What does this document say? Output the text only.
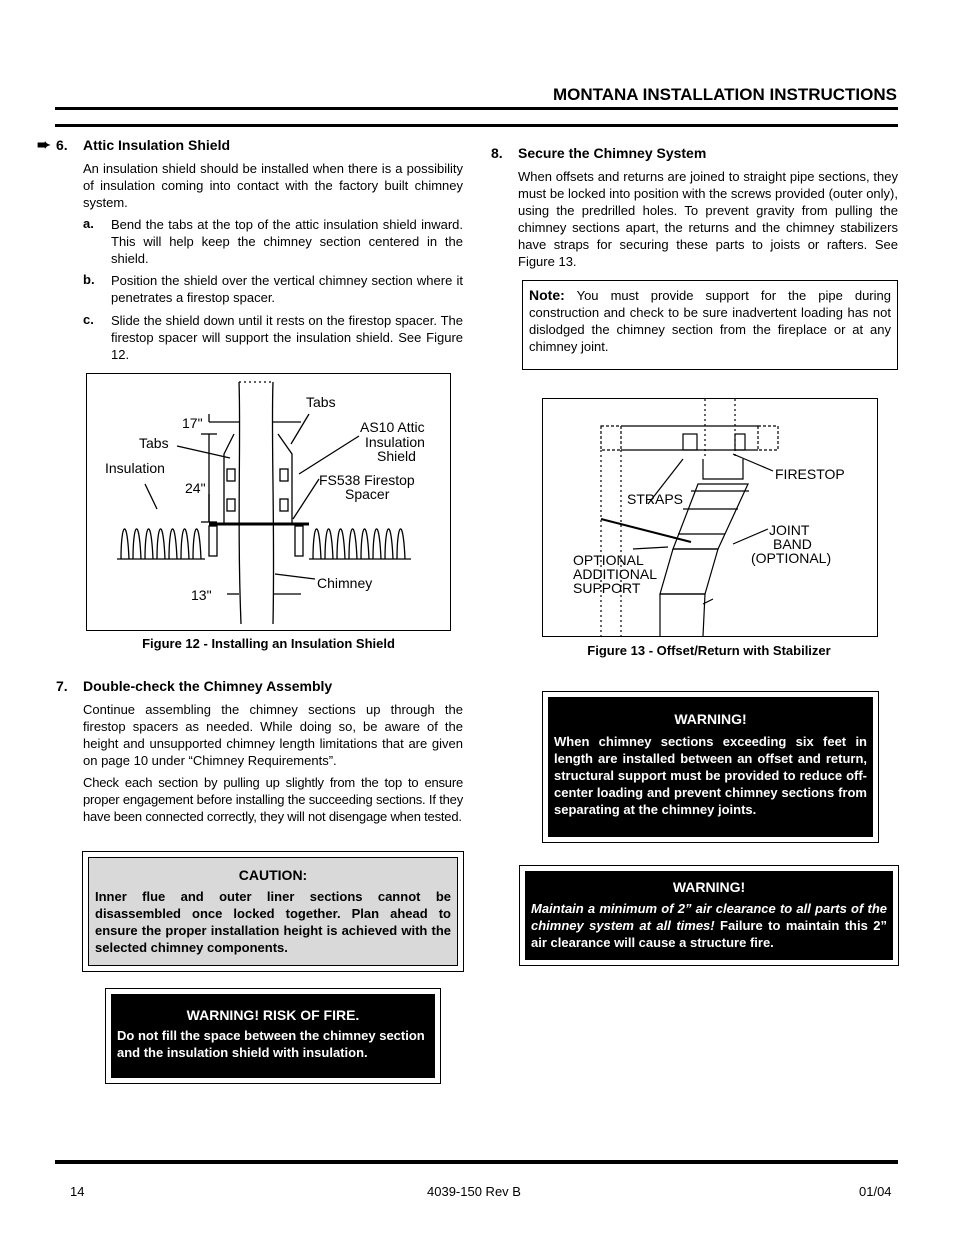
MONTANA INSTALLATION INSTRUCTIONS
➨ 6. Attic Insulation Shield
An insulation shield should be installed when there is a possibility of insulation coming into contact with the factory built chimney system.
a. Bend the tabs at the top of the attic insulation shield inward. This will help keep the chimney section centered in the shield.
b. Position the shield over the vertical chimney section where it penetrates a firestop spacer.
c. Slide the shield down until it rests on the firestop spacer. The firestop spacer will support the insulation shield. See Figure 12.
Tabs
17"	AS10 Attic
Insulation
Shield
Tabs
Insulation
24"	FS538 Firestop
Spacer
Chimney
13"
Figure 12 - Installing an Insulation Shield
7. Double-check the Chimney Assembly
Continue assembling the chimney sections up through the firestop spacers as needed. While doing so, be aware of the height and unsupported chimney length limitations that are given on page 10 under “Chimney Requirements”.
Check each section by pulling up slightly from the top to ensure proper engagement before installing the succeeding sections. If they have been connected correctly, they will not disengage when tested.
CAUTION:
Inner flue and outer liner sections cannot be disassembled once locked together. Plan ahead to ensure the proper installation height is achieved with the selected chimney components.
WARNING! RISK OF FIRE.
Do not fill the space between the chimney section and the insulation shield with insulation.
8. Secure the Chimney System
When offsets and returns are joined to straight pipe sections, they must be locked into position with the screws provided (outer only), using the predrilled holes. To prevent gravity from pulling the chimney sections apart, the returns and the chimney stabilizers have straps for securing these parts to joists or rafters. See Figure 13.
Note: You must provide support for the pipe during construction and check to be sure inadvertent loading has not dislodged the chimney section from the fireplace or at any chimney joint.
FIRESTOP
STRAPS
JOINT
BAND
(OPTIONAL)
OPTIONAL
ADDITIONAL
SUPPORT
Figure 13 - Offset/Return with Stabilizer
WARNING!
When chimney sections exceeding six feet in length are installed between an offset and return, structural support must be provided to reduce off-center loading and prevent chimney sections from separating at the chimney joints.
WARNING!
Maintain a minimum of 2” air clearance to all parts of the chimney system at all times! Failure to maintain this 2” air clearance will cause a structure fire.
14	4039-150 Rev B	01/04
